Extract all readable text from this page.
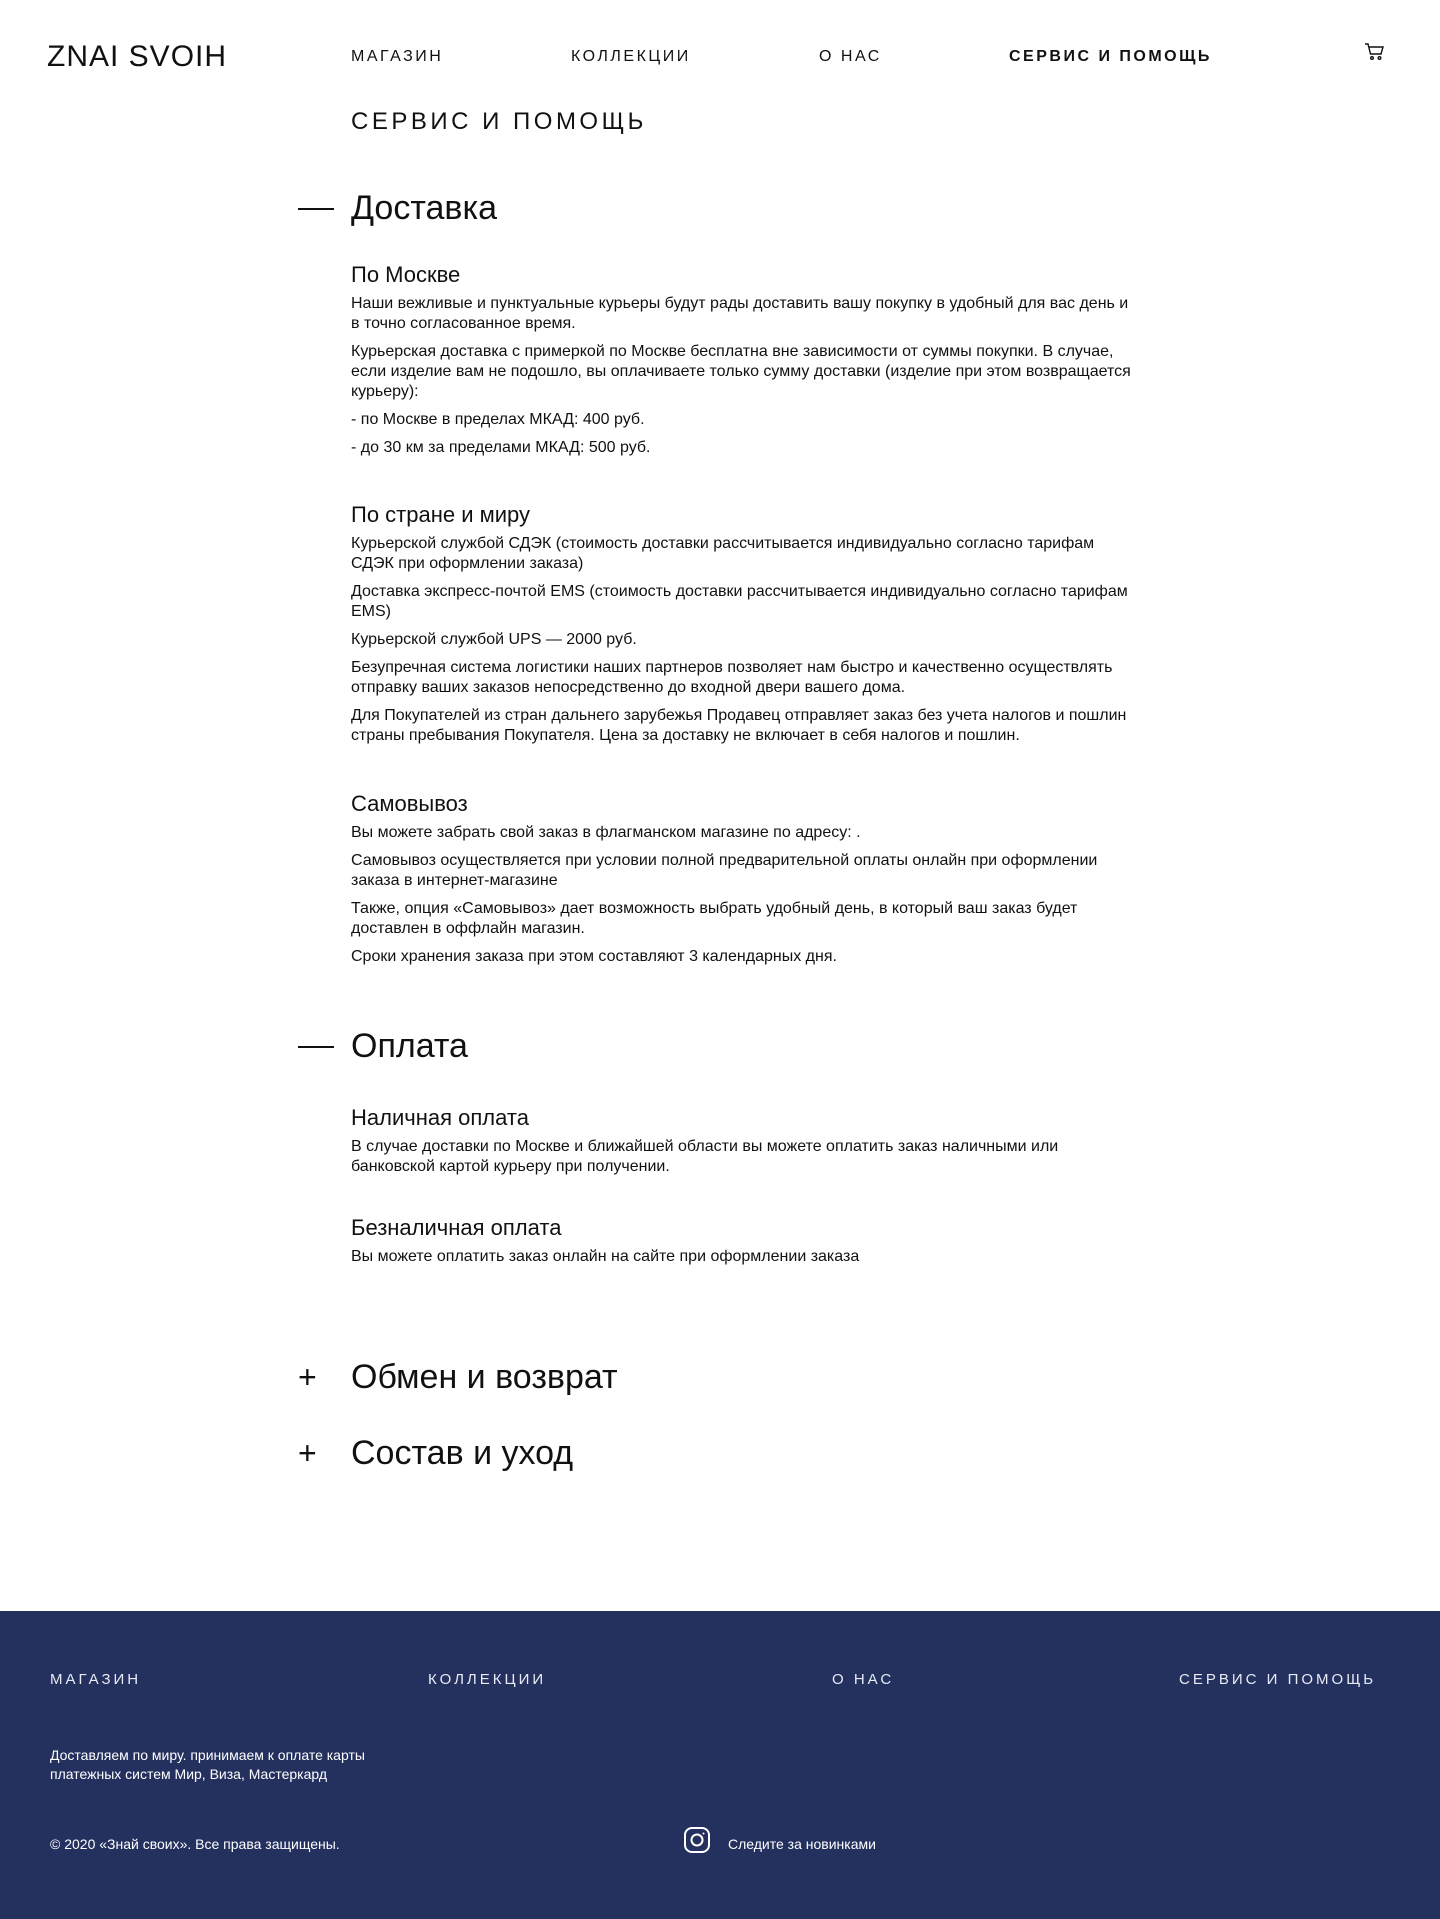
ZNAI SVOIH	МАГАЗИН	КОЛЛЕКЦИИ	О НАС	СЕРВИС И ПОМОЩЬ
СЕРВИС И ПОМОЩЬ
Доставка
По Москве

Наши вежливые и пунктуальные курьеры будут рады доставить вашу покупку в удобный для вас день и в точно согласованное время.

Курьерская доставка с примеркой по Москве бесплатна вне зависимости от суммы покупки. В случае, если изделие вам не подошло, вы оплачиваете только сумму доставки (изделие при этом возвращается курьеру):

- по Москве в пределах МКАД: 400 руб.

- до 30 км за пределами МКАД: 500 руб.

По стране и миру

Курьерской службой СДЭК (стоимость доставки рассчитывается индивидуально согласно тарифам СДЭК при оформлении заказа)

Доставка экспресс-почтой EMS (стоимость доставки рассчитывается индивидуально согласно тарифам EMS)

Курьерской службой UPS — 2000 руб.

Безупречная система логистики наших партнеров позволяет нам быстро и качественно осуществлять отправку ваших заказов непосредственно до входной двери вашего дома.

Для Покупателей из стран дальнего зарубежья Продавец отправляет заказ без учета налогов и пошлин страны пребывания Покупателя. Цена за доставку не включает в себя налогов и пошлин.

Самовывоз

Вы можете забрать свой заказ в флагманском магазине по адресу: .

Самовывоз осуществляется при условии полной предварительной оплаты онлайн при оформлении заказа в интернет-магазине

Также, опция «Самовывоз» дает возможность выбрать удобный день, в который ваш заказ будет доставлен в оффлайн магазин.

Сроки хранения заказа при этом составляют 3 календарных дня.

Оплата
Наличная оплата

В случае доставки по Москве и ближайшей области вы можете оплатить заказ наличными или банковской картой курьеру при получении.

Безналичная оплата

Вы можете оплатить заказ онлайн на сайте при оформлении заказа

+ Обмен и возврат
+ Состав и уход
МАГАЗИН	КОЛЛЕКЦИИ	О НАС	СЕРВИС И ПОМОЩЬ

Доставляем по миру. принимаем к оплате карты платежных систем Мир, Виза, Мастеркард

© 2020 «Знай своих». Все права защищены.	Следите за новинками
